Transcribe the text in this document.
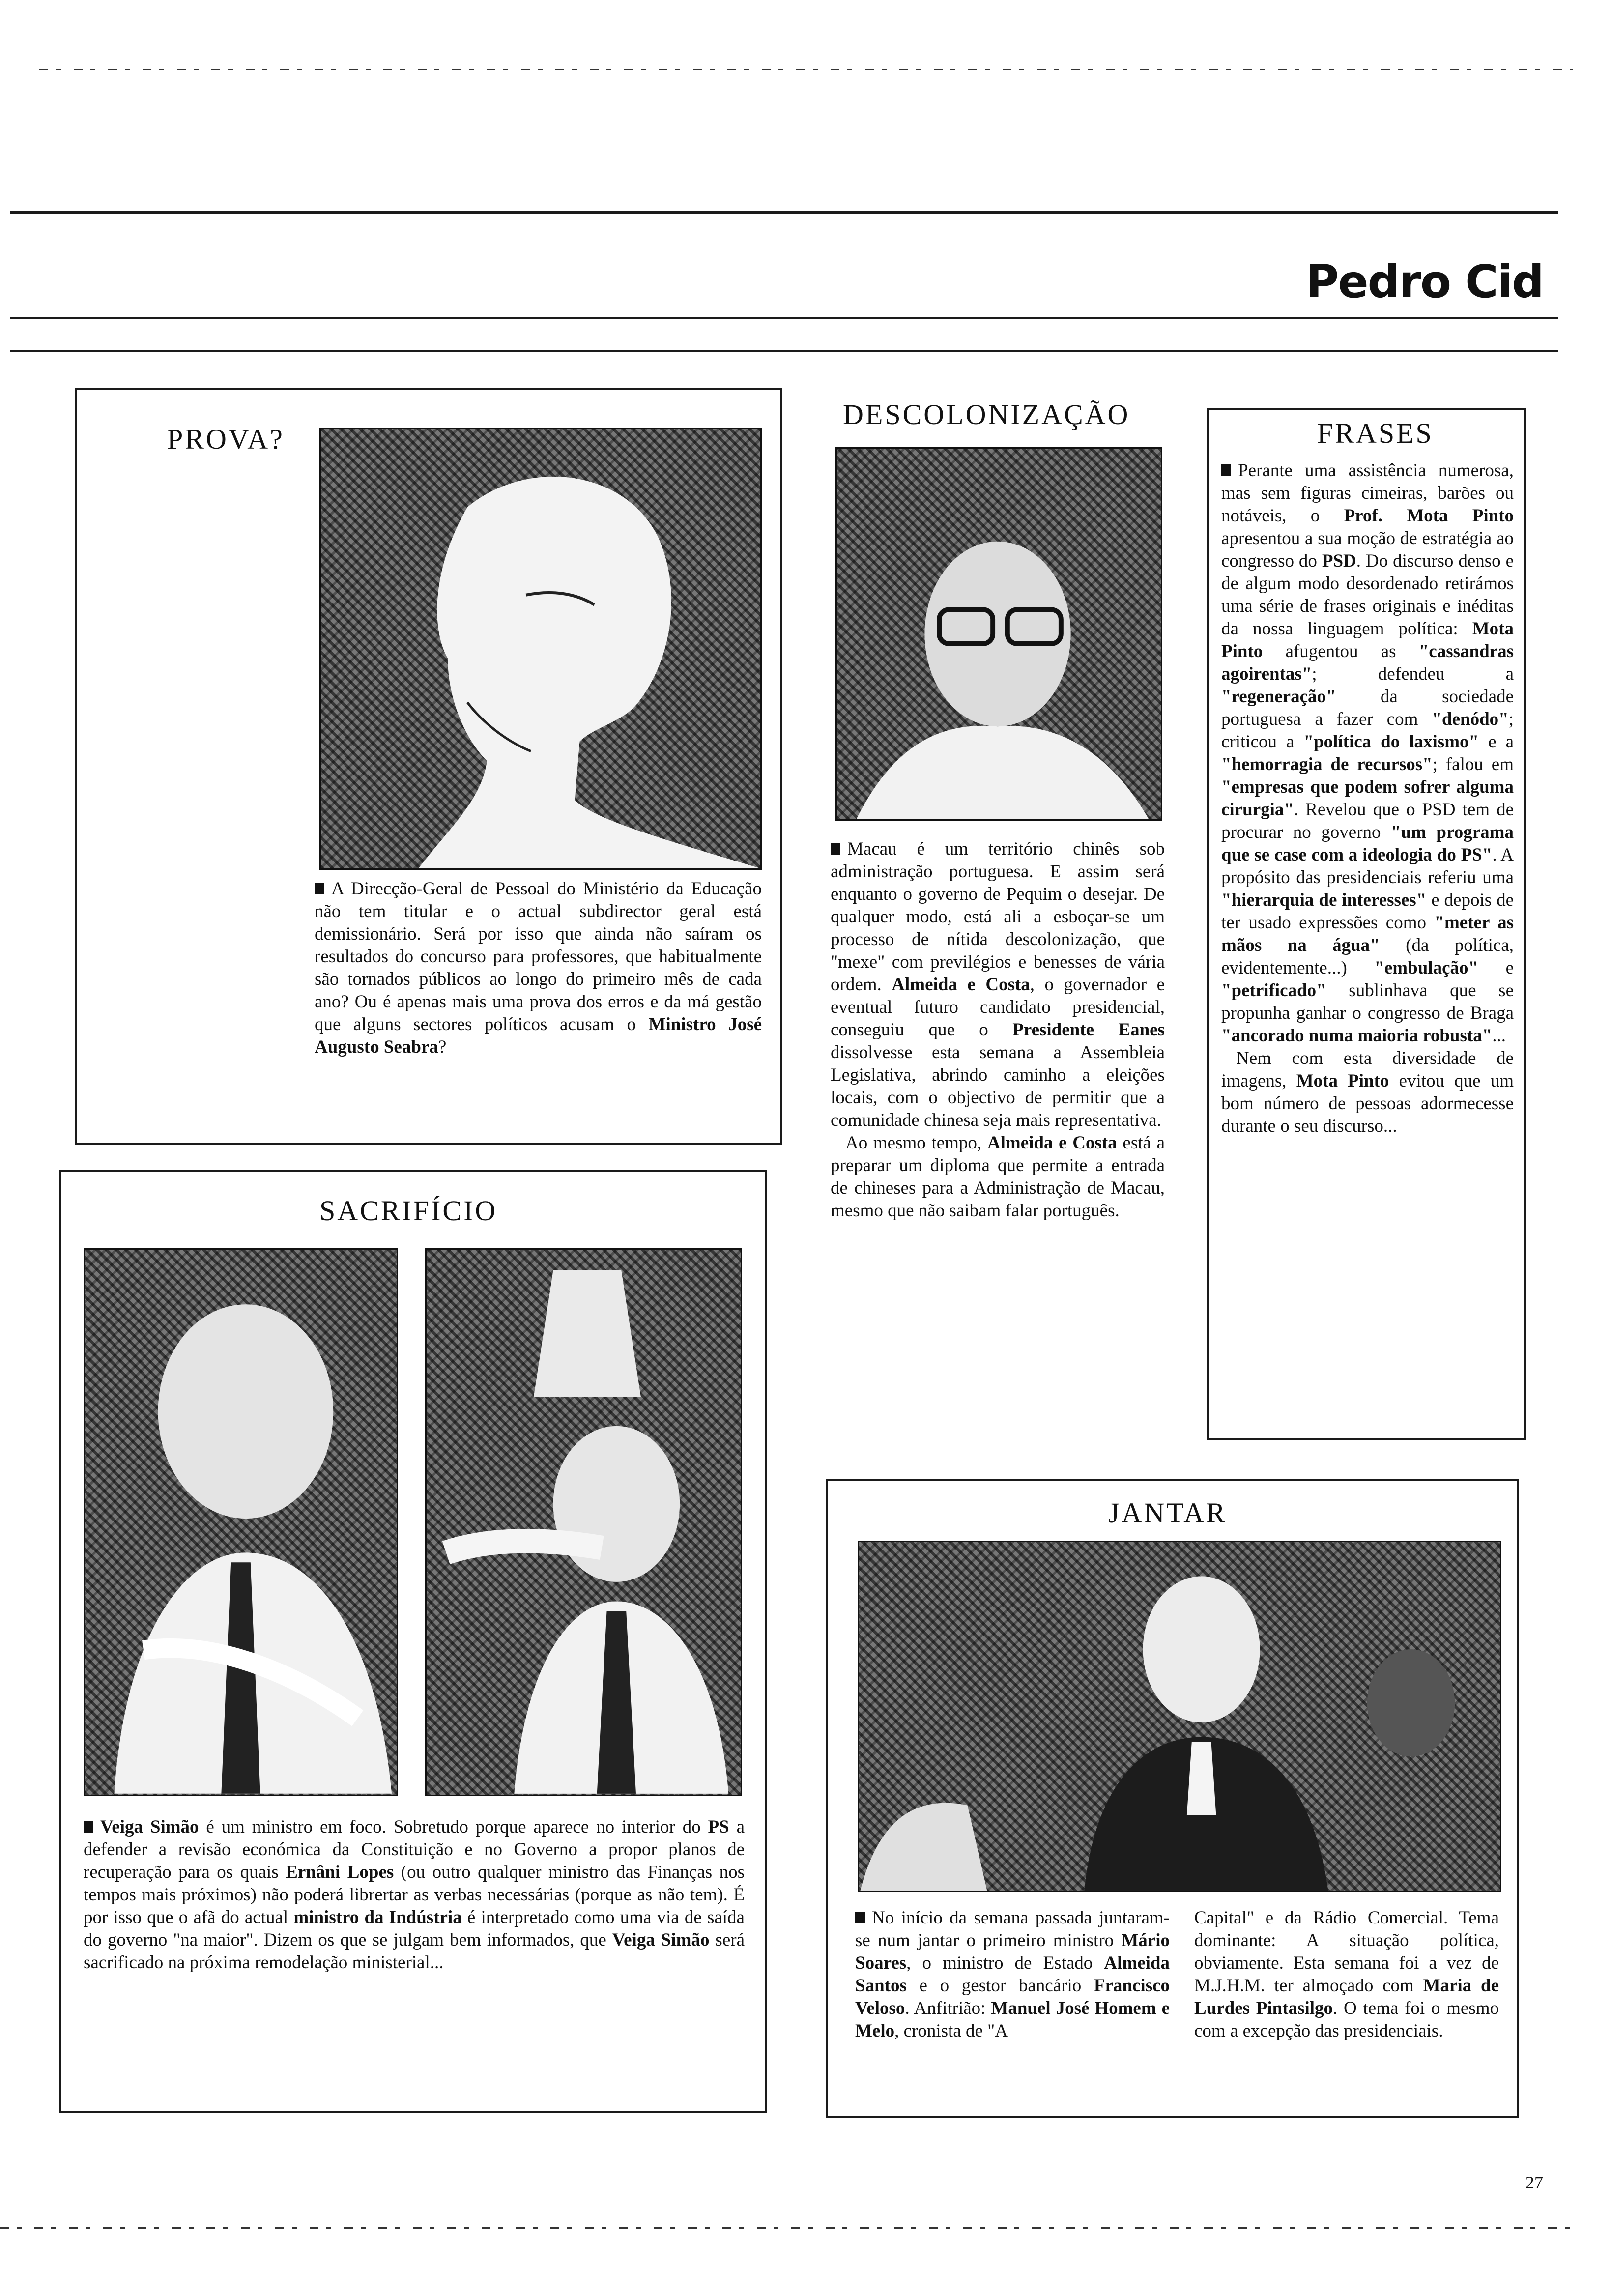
Pedro Cid
PROVA?
A Direcção-Geral de Pessoal do Ministério da Educação não tem titular e o actual subdirector geral está demissionário. Será por isso que ainda não saíram os resultados do concurso para professores, que habitualmente são tornados públicos ao longo do primeiro mês de cada ano? Ou é apenas mais uma prova dos erros e da má gestão que alguns sectores políticos acusam o Ministro José Augusto Seabra?
DESCOLONIZAÇÃO
Macau é um território chinês sob administração portuguesa. E assim será enquanto o governo de Pequim o desejar. De qualquer modo, está ali a esboçar-se um processo de nítida descolonização, que "mexe" com previlégios e benesses de vária ordem. Almeida e Costa, o governador e eventual futuro candidato presidencial, conseguiu que o Presidente Eanes dissolvesse esta semana a Assembleia Legislativa, abrindo caminho a eleições locais, com o objectivo de permitir que a comunidade chinesa seja mais representativa.
Ao mesmo tempo, Almeida e Costa está a preparar um diploma que permite a entrada de chineses para a Administração de Macau, mesmo que não saibam falar português.
FRASES
Perante uma assistência numerosa, mas sem figuras cimeiras, barões ou notáveis, o Prof. Mota Pinto apresentou a sua moção de estratégia ao congresso do PSD. Do discurso denso e de algum modo desordenado retirámos uma série de frases originais e inéditas da nossa linguagem política: Mota Pinto afugentou as "cassandras agoirentas"; defendeu a "regeneração" da sociedade portuguesa a fazer com "denódo"; criticou a "política do laxismo" e a "hemorragia de recursos"; falou em "empresas que podem sofrer alguma cirurgia". Revelou que o PSD tem de procurar no governo "um programa que se case com a ideologia do PS". A propósito das presidenciais referiu uma "hierarquia de interesses" e depois de ter usado expressões como "meter as mãos na água" (da política, evidentemente...) "embulação" e "petrificado" sublinhava que se propunha ganhar o congresso de Braga "ancorado numa maioria robusta"...
Nem com esta diversidade de imagens, Mota Pinto evitou que um bom número de pessoas adormecesse durante o seu discurso...
SACRIFÍCIO
Veiga Simão é um ministro em foco. Sobretudo porque aparece no interior do PS a defender a revisão económica da Constituição e no Governo a propor planos de recuperação para os quais Ernâni Lopes (ou outro qualquer ministro das Finanças nos tempos mais próximos) não poderá librertar as verbas necessárias (porque as não tem). É por isso que o afã do actual ministro da Indústria é interpretado como uma via de saída do governo "na maior". Dizem os que se julgam bem informados, que Veiga Simão será sacrificado na próxima remodelação ministerial...
JANTAR
No início da semana passada juntaram-se num jantar o primeiro ministro Mário Soares, o ministro de Estado Almeida Santos e o gestor bancário Francisco Veloso. Anfitrião: Manuel José Homem e Melo, cronista de "A
Capital" e da Rádio Comercial. Tema dominante: A situação política, obviamente. Esta semana foi a vez de M.J.H.M. ter almoçado com Maria de Lurdes Pintasilgo. O tema foi o mesmo com a excepção das presidenciais.
27
